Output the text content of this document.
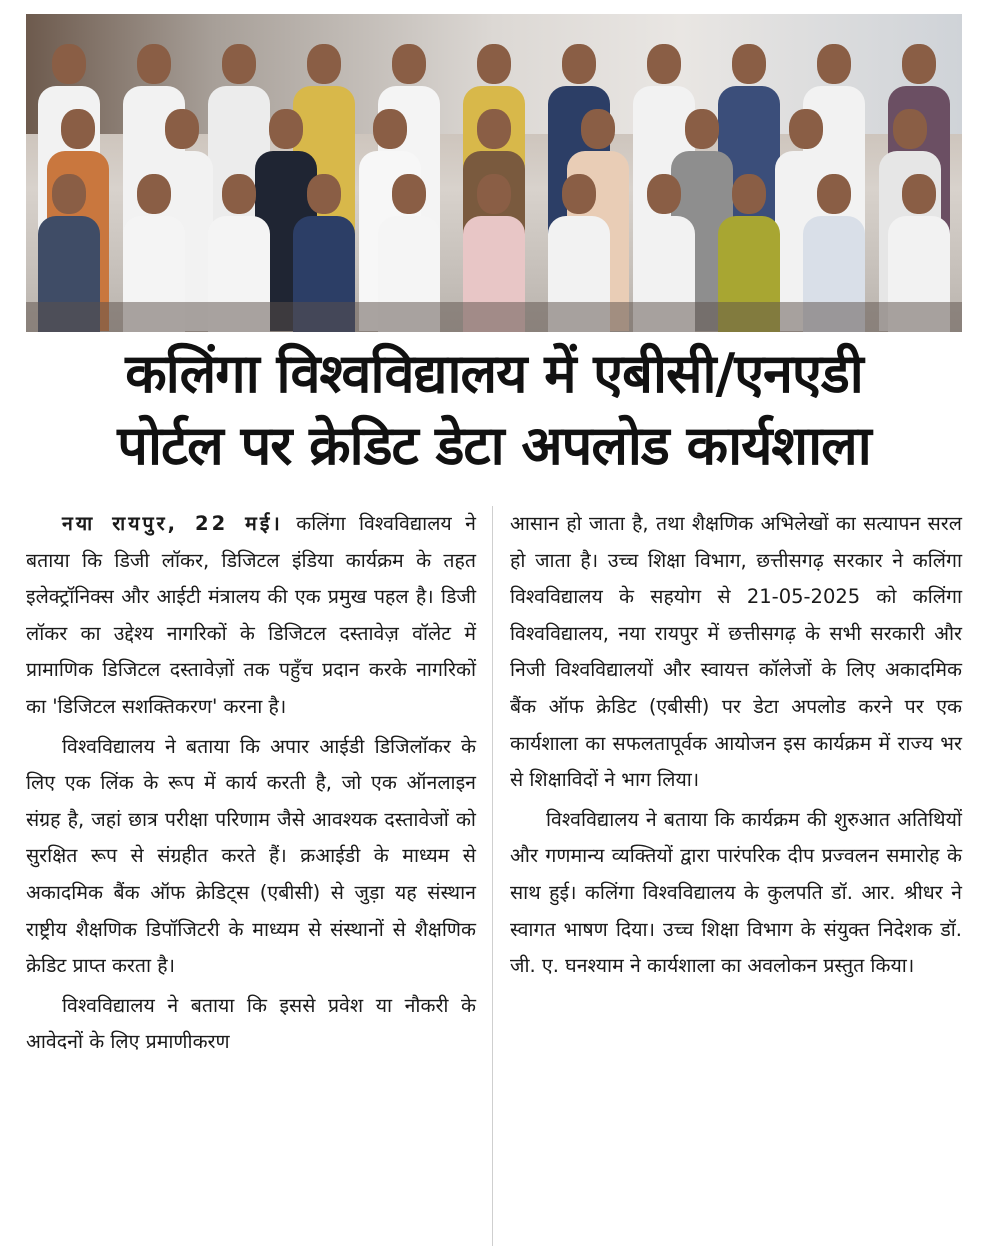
कलिंगा विश्वविद्यालय में एबीसी/एनएडी
पोर्टल पर क्रेडिट डेटा अपलोड कार्यशाला

नया रायपुर, 22 मई। कलिंगा विश्वविद्यालय ने बताया कि डिजी लॉकर, डिजिटल इंडिया कार्यक्रम के तहत इलेक्ट्रॉनिक्स और आईटी मंत्रालय की एक प्रमुख पहल है। डिजी लॉकर का उद्देश्य नागरिकों के डिजिटल दस्तावेज़ वॉलेट में प्रामाणिक डिजिटल दस्तावेज़ों तक पहुँच प्रदान करके नागरिकों का 'डिजिटल सशक्तिकरण' करना है।

विश्वविद्यालय ने बताया कि अपार आईडी डिजिलॉकर के लिए एक लिंक के रूप में कार्य करती है, जो एक ऑनलाइन संग्रह है, जहां छात्र परीक्षा परिणाम जैसे आवश्यक दस्तावेजों को सुरक्षित रूप से संग्रहीत करते हैं। क्रआईडी के माध्यम से अकादमिक बैंक ऑफ क्रेडिट्स (एबीसी) से जुड़ा यह संस्थान राष्ट्रीय शैक्षणिक डिपॉजिटरी के माध्यम से संस्थानों से शैक्षणिक क्रेडिट प्राप्त करता है।

विश्वविद्यालय ने बताया कि इससे प्रवेश या नौकरी के आवेदनों के लिए प्रमाणीकरण

आसान हो जाता है, तथा शैक्षणिक अभिलेखों का सत्यापन सरल हो जाता है। उच्च शिक्षा विभाग, छत्तीसगढ़ सरकार ने कलिंगा विश्वविद्यालय के सहयोग से 21-05-2025 को कलिंगा विश्वविद्यालय, नया रायपुर में छत्तीसगढ़ के सभी सरकारी और निजी विश्वविद्यालयों और स्वायत्त कॉलेजों के लिए अकादमिक बैंक ऑफ क्रेडिट (एबीसी) पर डेटा अपलोड करने पर एक कार्यशाला का सफलतापूर्वक आयोजन इस कार्यक्रम में राज्य भर से शिक्षाविदों ने भाग लिया।

विश्वविद्यालय ने बताया कि कार्यक्रम की शुरुआत अतिथियों और गणमान्य व्यक्तियों द्वारा पारंपरिक दीप प्रज्वलन समारोह के साथ हुई। कलिंगा विश्वविद्यालय के कुलपति डॉ. आर. श्रीधर ने स्वागत भाषण दिया। उच्च शिक्षा विभाग के संयुक्त निदेशक डॉ. जी. ए. घनश्याम ने कार्यशाला का अवलोकन प्रस्तुत किया।
